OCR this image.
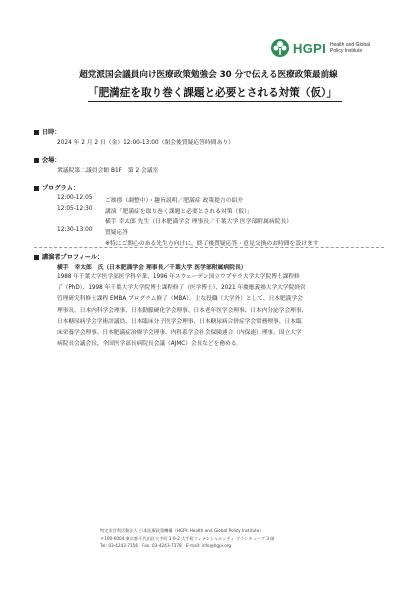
HGPI Health and Global
Policy Institute
超党派国会議員向け医療政策勉強会 30 分で伝える医療政策最前線
「肥満症を取り巻く課題と必要とされる対策（仮）」
日時：
2024 年 2 月 2 日（金）12:00-13:00（閉会後質疑応答時間あり）
会場：
衆議院第二議員会館 B1F　第 2 会議室
プログラム：
12:00-12:05 ご挨拶（調整中）・趣旨説明／肥満症 政策提言の紹介
12:05-12:30 講演「肥満症を取り巻く課題と必要とされる対策（仮）」
横手 幸太郎 先生（日本肥満学会 理事長／千葉大学 医学部附属病院長）
12:30-13:00 質疑応答
※特にご関心のある先生方向けに、終了後質疑応答・意見交換のお時間を設けます
講演者プロフィール：
横手　幸太郎　氏（日本肥満学会 理事長／千葉大学 医学部附属病院長）
1988 年千葉大学医学部医学科卒業、1996 年スウェーデン国立ウプサラ大学大学院博士課程修
了（PhD）、1998 年千葉大学大学院博士課程修了（医学博士）、2021 年慶應義塾大学大学院経営
管理研究科修士課程 EMBA プログラム修了（MBA）。主な役職（大学外）として、日本肥満学会
理事長、日本内科学会理事、日本動脈硬化学会理事、日本老年医学会理事、日本内分泌学会理事、
日本糖尿病学会学術評議員、日本臨床分子医学会理事、日本糖尿病合併症学会常務理事、日本臨
床栄養学会理事、日本肥満症治療学会理事、内科系学会社会保険連合（内保連）理事、国立大学
病院長会議会長、全国医学部長病院長会議（AJMC）会長などを務める。
特定非営利活動法人 日本医療政策機構（HGPI: Health and Global Policy Institute）
〒100-0004 東京都千代田区大手町 1-9-2 大手町フィナンシャルシティ グランキューブ 3 階
Tel: 03-4243-7156　Fax: 03-4243-7378　E-mail: info@hgpi.org
